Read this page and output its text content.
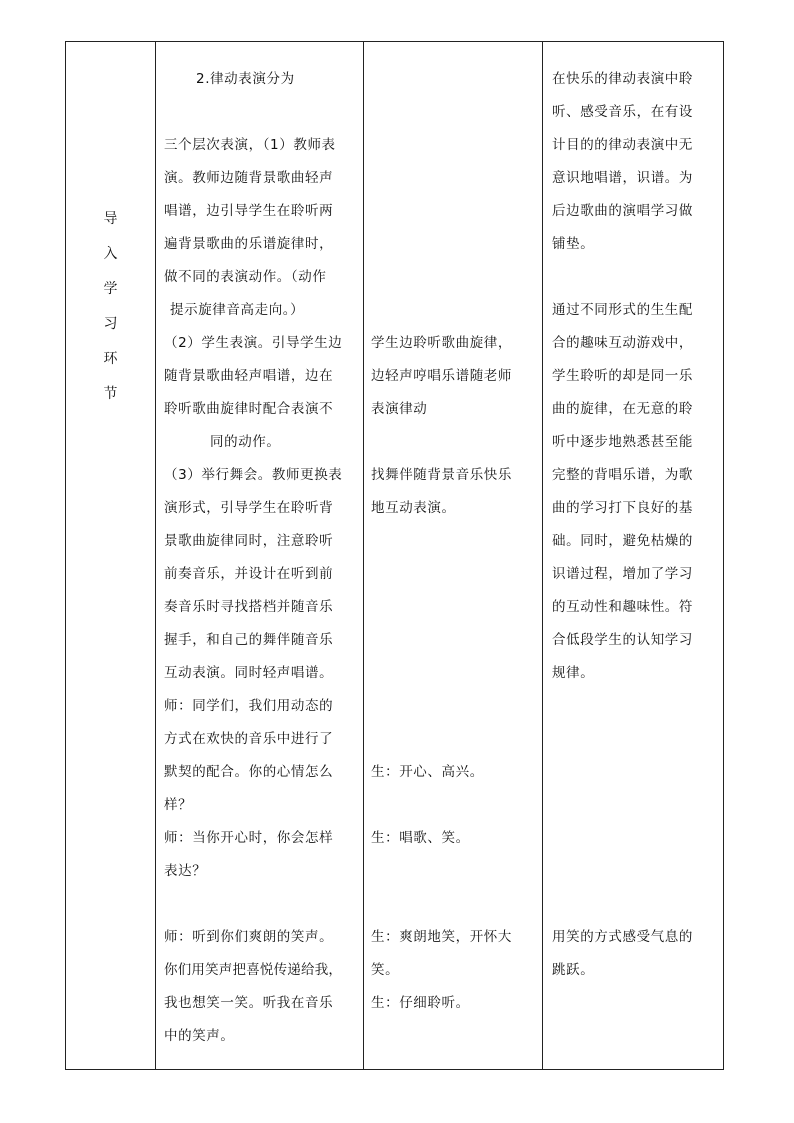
导
入
学
习
环
节

2.律动表演分为
三个层次表演，（1）教师表
演。教师边随背景歌曲轻声
唱谱，边引导学生在聆听两
遍背景歌曲的乐谱旋律时，
做不同的表演动作。（动作
提示旋律音高走向。）
（2）学生表演。引导学生边
随背景歌曲轻声唱谱，边在
聆听歌曲旋律时配合表演不
同的动作。
（3）举行舞会。教师更换表
演形式，引导学生在聆听背
景歌曲旋律同时，注意聆听
前奏音乐，并设计在听到前
奏音乐时寻找搭档并随音乐
握手，和自己的舞伴随音乐
互动表演。同时轻声唱谱。
师：同学们，我们用动态的
方式在欢快的音乐中进行了
默契的配合。你的心情怎么
样？
师：当你开心时，你会怎样
表达？
师：听到你们爽朗的笑声。
你们用笑声把喜悦传递给我，
我也想笑一笑。听我在音乐
中的笑声。

学生边聆听歌曲旋律，
边轻声哼唱乐谱随老师
表演律动
找舞伴随背景音乐快乐
地互动表演。
生：开心、高兴。
生：唱歌、笑。
生：爽朗地笑，开怀大
笑。
生：仔细聆听。

在快乐的律动表演中聆
听、感受音乐，在有设
计目的的律动表演中无
意识地唱谱，识谱。为
后边歌曲的演唱学习做
铺垫。
通过不同形式的生生配
合的趣味互动游戏中，
学生聆听的却是同一乐
曲的旋律，在无意的聆
听中逐步地熟悉甚至能
完整的背唱乐谱，为歌
曲的学习打下良好的基
础。同时，避免枯燥的
识谱过程，增加了学习
的互动性和趣味性。符
合低段学生的认知学习
规律。
用笑的方式感受气息的
跳跃。
